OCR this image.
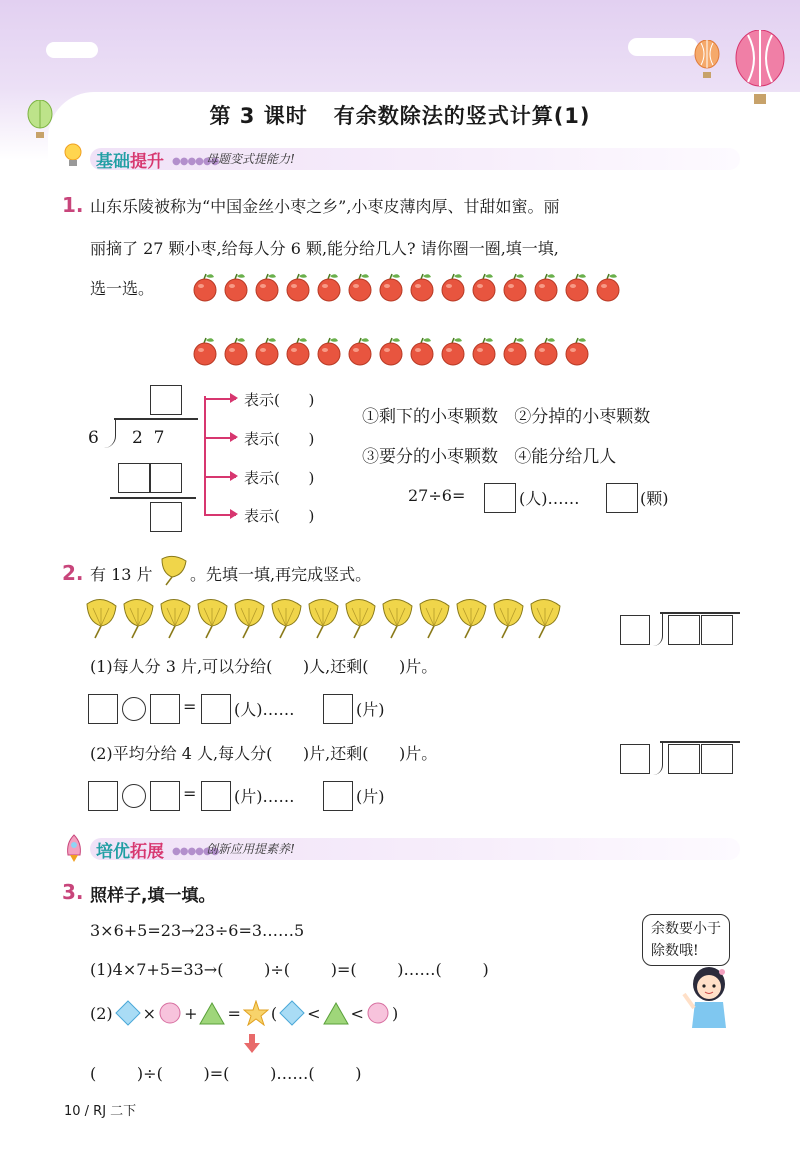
第 3 课时 有余数除法的竖式计算(1)
基础提升 ●●●●●●
母题变式提能力!
1. 山东乐陵被称为“中国金丝小枣之乡”,小枣皮薄肉厚、甘甜如蜜。丽
丽摘了 27 颗小枣,给每人分 6 颗,能分给几人? 请你圈一圈,填一填,
选一选。
6 2  7
表示(      )
表示(      )
表示(      )
表示(      )
①剩下的小枣颗数   ②分掉的小枣颗数
③要分的小枣颗数   ④能分给几人
27÷6=	(人)……	(颗)
2. 有 13 片 。先填一填,再完成竖式。
(1)每人分 3 片,可以分给(      )人,还剩(      )片。
= (人)……	(片)
(2)平均分给 4 人,每人分(      )片,还剩(      )片。
= (片)……	(片)
培优拓展 ●●●●●●
创新应用提素养!
3. 照样子,填一填。
3×6+5=23→23÷6=3……5
(1)4×7+5=33→(        )÷(        )=(        )……(        )
(2) × + = ( < < )
(        )÷(        )=(        )……(        )
余数要小于
除数哦!
10 / RJ 二下
